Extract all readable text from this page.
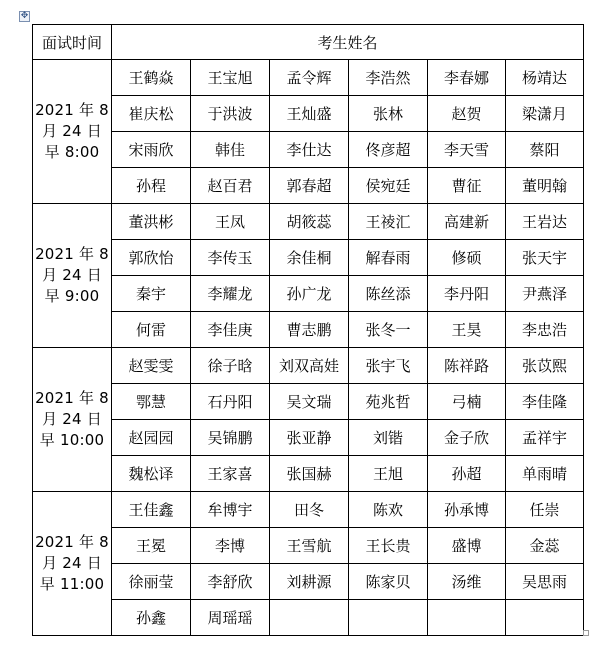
✥
面试时间	考生姓名					

2021 年 8
月 24 日
早 8:00	王鹤焱	王宝旭	孟令辉	李浩然	李春娜	杨靖达
	崔庆松	于洪波	王灿盛	张林	赵贺	梁潇月
	宋雨欣	韩佳	李仕达	佟彦超	李天雪	蔡阳
	孙程	赵百君	郭春超	侯宛廷	曹征	董明翰

2021 年 8
月 24 日
早 9:00	董洪彬	王凤	胡筱蕊	王祾汇	高建新	王岩达
	郭欣怡	李传玉	余佳桐	解春雨	修硕	张天宇
	秦宇	李耀龙	孙广龙	陈丝添	李丹阳	尹燕泽
	何雷	李佳庚	曹志鹏	张冬一	王昊	李忠浩

2021 年 8
月 24 日
早 10:00	赵雯雯	徐子晗	刘双高娃	张宇飞	陈祥路	张苡熙
	鄂慧	石丹阳	吴文瑞	苑兆哲	弓楠	李佳隆
	赵园园	吴锦鹏	张亚静	刘锴	金子欣	孟祥宇
	魏松译	王家喜	张国赫	王旭	孙超	单雨晴

2021 年 8
月 24 日
早 11:00	王佳鑫	牟博宇	田冬	陈欢	孙承博	任崇
	王冕	李博	王雪航	王长贵	盛博	金蕊
	徐丽莹	李舒欣	刘耕源	陈家贝	汤维	吴思雨
	孙鑫	周瑶瑶				
